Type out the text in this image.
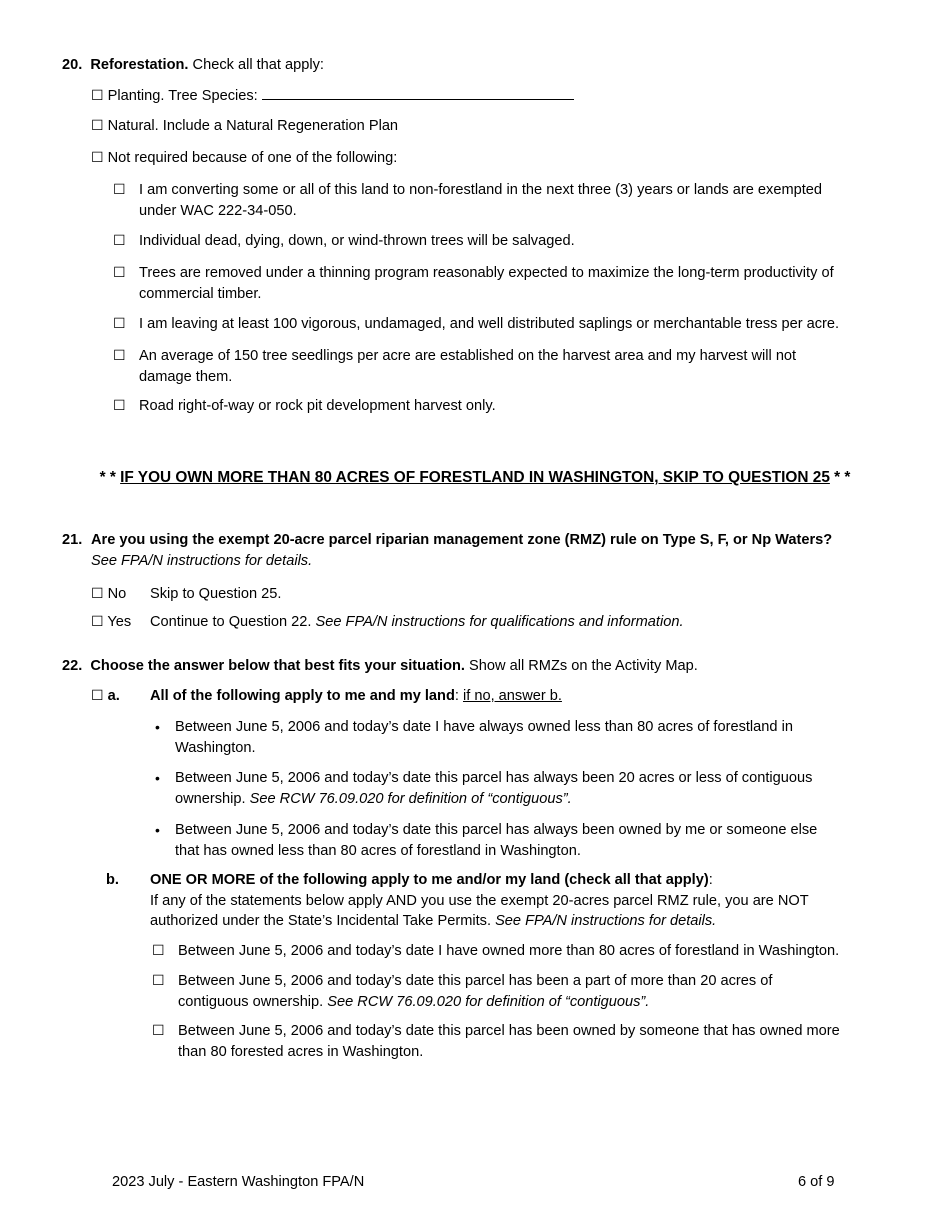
20. Reforestation. Check all that apply:
☐ Planting. Tree Species:
☐ Natural. Include a Natural Regeneration Plan
☐ Not required because of one of the following:
☐ I am converting some or all of this land to non-forestland in the next three (3) years or lands are exempted
under WAC 222-34-050.
☐ Individual dead, dying, down, or wind-thrown trees will be salvaged.
☐ Trees are removed under a thinning program reasonably expected to maximize the long-term productivity of
commercial timber.
☐ I am leaving at least 100 vigorous, undamaged, and well distributed saplings or merchantable tress per acre.
☐ An average of 150 tree seedlings per acre are established on the harvest area and my harvest will not
damage them.
☐ Road right-of-way or rock pit development harvest only.
* * IF YOU OWN MORE THAN 80 ACRES OF FORESTLAND IN WASHINGTON, SKIP TO QUESTION 25 * *
21. Are you using the exempt 20-acre parcel riparian management zone (RMZ) rule on Type S, F, or Np Waters?
See FPA/N instructions for details.
☐ No Skip to Question 25.
☐ Yes Continue to Question 22. See FPA/N instructions for qualifications and information.
22. Choose the answer below that best fits your situation. Show all RMZs on the Activity Map.
☐ a. All of the following apply to me and my land: if no, answer b.
• Between June 5, 2006 and today’s date I have always owned less than 80 acres of forestland in
Washington.
• Between June 5, 2006 and today’s date this parcel has always been 20 acres or less of contiguous
ownership. See RCW 76.09.020 for definition of “contiguous”.
• Between June 5, 2006 and today’s date this parcel has always been owned by me or someone else
that has owned less than 80 acres of forestland in Washington.
b. ONE OR MORE of the following apply to me and/or my land (check all that apply):
If any of the statements below apply AND you use the exempt 20-acres parcel RMZ rule, you are NOT
authorized under the State’s Incidental Take Permits. See FPA/N instructions for details.
☐ Between June 5, 2006 and today’s date I have owned more than 80 acres of forestland in Washington.
☐ Between June 5, 2006 and today’s date this parcel has been a part of more than 20 acres of
contiguous ownership. See RCW 76.09.020 for definition of “contiguous”.
☐ Between June 5, 2006 and today’s date this parcel has been owned by someone that has owned more
than 80 forested acres in Washington.
2023 July - Eastern Washington FPA/N	6 of 9
